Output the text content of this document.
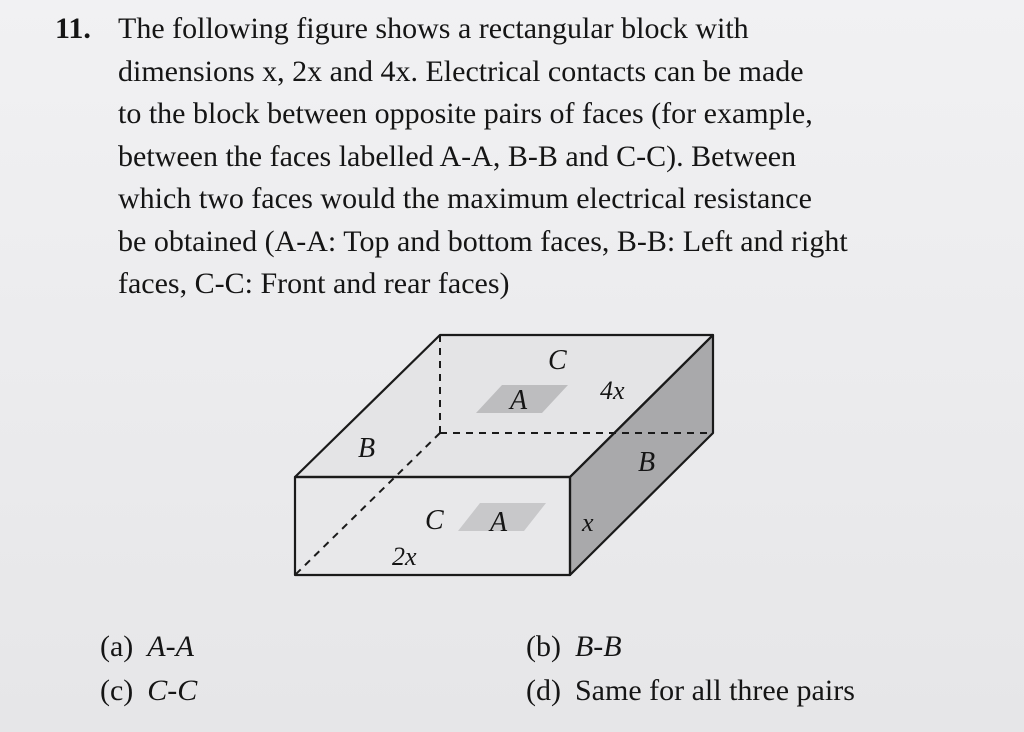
11. The following figure shows a rectangular block with
dimensions x, 2x and 4x. Electrical contacts can be made
to the block between opposite pairs of faces (for example,
between the faces labelled A-A, B-B and C-C). Between
which two faces would the maximum electrical resistance
be obtained (A-A: Top and bottom faces, B-B: Left and right
faces, C-C: Front and rear faces)
C
A	4x
B	B
C A	x
2x
(a) A-A	(b) B-B
(c) C-C	(d) Same for all three pairs
